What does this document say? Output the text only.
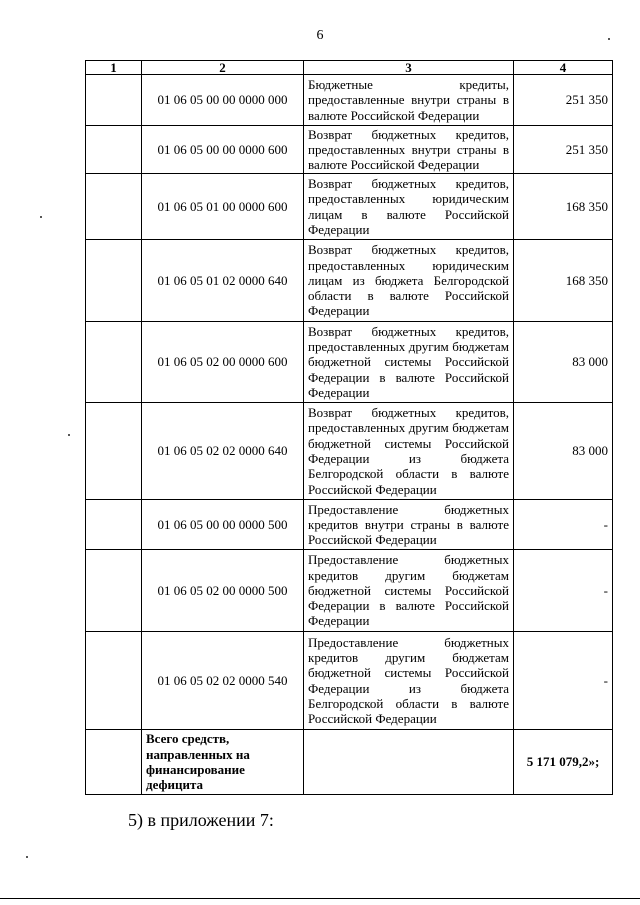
6
1	2	3	4
	01 06 05 00 00 0000 000	Бюджетные кредиты, предоставленные внутри страны в валюте Российской Федерации	251 350
	01 06 05 00 00 0000 600	Возврат бюджетных кредитов, предоставленных внутри страны в валюте Российской Федерации	251 350
	01 06 05 01 00 0000 600	Возврат бюджетных кредитов, предоставленных юридическим лицам в валюте Российской Федерации	168 350
	01 06 05 01 02 0000 640	Возврат бюджетных кредитов, предоставленных юридическим лицам из бюджета Белгородской области в валюте Российской Федерации	168 350
	01 06 05 02 00 0000 600	Возврат бюджетных кредитов, предоставленных другим бюджетам бюджетной системы Российской Федерации в валюте Российской Федерации	83 000
	01 06 05 02 02 0000 640	Возврат бюджетных кредитов, предоставленных другим бюджетам бюджетной системы Российской Федерации из бюджета Белгородской области в валюте Российской Федерации	83 000
	01 06 05 00 00 0000 500	Предоставление бюджетных кредитов внутри страны в валюте Российской Федерации	-
	01 06 05 02 00 0000 500	Предоставление бюджетных кредитов другим бюджетам бюджетной системы Российской Федерации в валюте Российской Федерации	-
	01 06 05 02 02 0000 540	Предоставление бюджетных кредитов другим бюджетам бюджетной системы Российской Федерации из бюджета Белгородской области в валюте Российской Федерации	-
	Всего средств, направленных на финансирование дефицита		5 171 079,2»;
5) в приложении 7:
